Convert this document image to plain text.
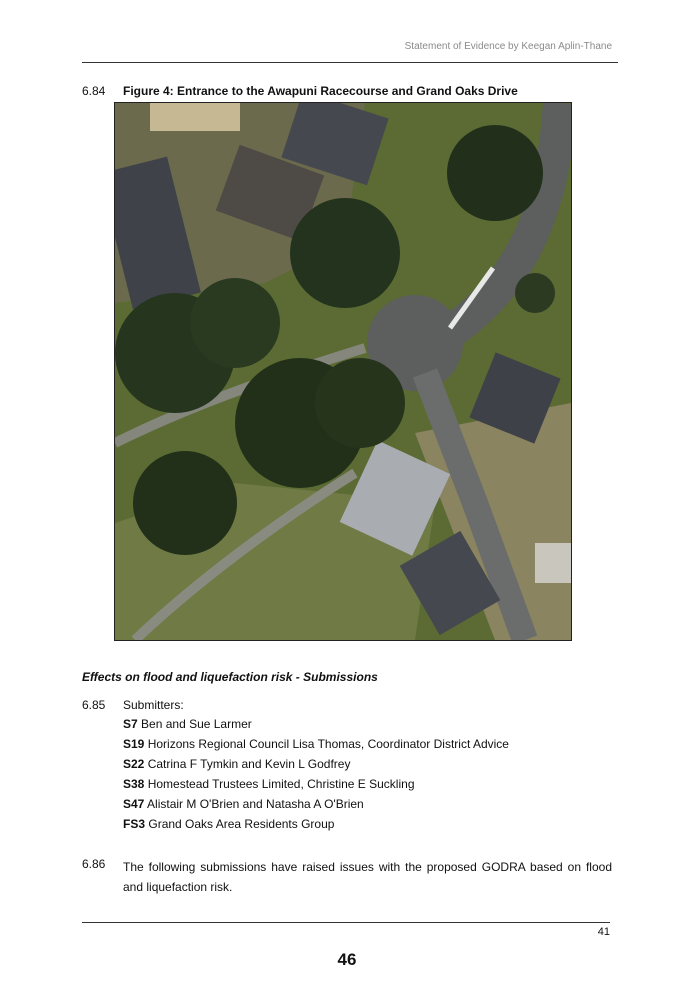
Statement of Evidence by Keegan Aplin-Thane
6.84 Figure 4: Entrance to the Awapuni Racecourse and Grand Oaks Drive
Effects on flood and liquefaction risk - Submissions
6.85 Submitters:
S7 Ben and Sue Larmer
S19 Horizons Regional Council Lisa Thomas, Coordinator District Advice
S22 Catrina F Tymkin and Kevin L Godfrey
S38 Homestead Trustees Limited, Christine E Suckling
S47 Alistair M O'Brien and Natasha A O'Brien
FS3 Grand Oaks Area Residents Group
6.86 The following submissions have raised issues with the proposed GODRA based on flood and liquefaction risk.
41
46
